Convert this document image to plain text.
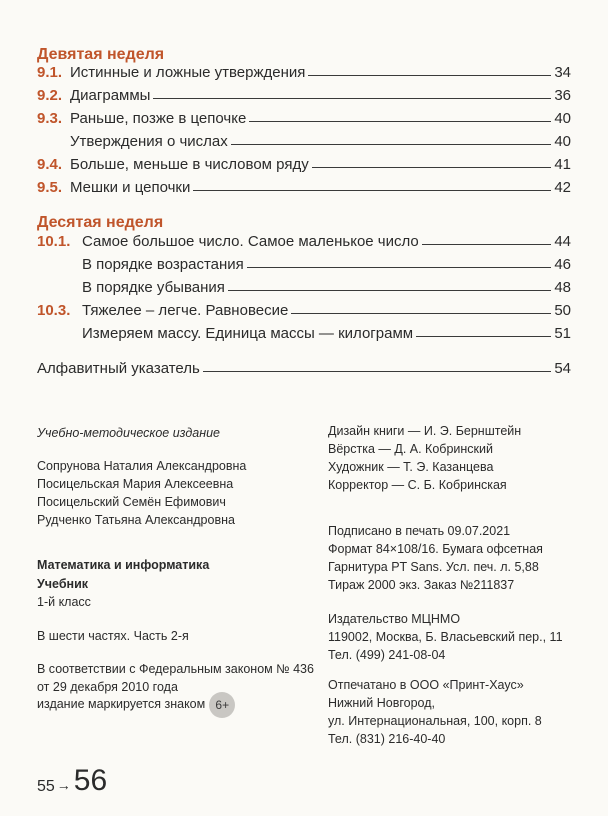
Девятая неделя
9.1. Истинные и ложные утверждения	34
9.2. Диаграммы	36
9.3. Раньше, позже в цепочке	40
Утверждения о числах	40
9.4. Больше, меньше в числовом ряду	41
9.5. Мешки и цепочки	42
Десятая неделя
10.1. Самое большое число. Самое маленькое число	44
В порядке возрастания	46
В порядке убывания	48
10.3. Тяжелее – легче. Равновесие	50
Измеряем массу. Единица массы — килограмм	51
Алфавитный указатель	54
Учебно-методическое издание
Сопрунова Наталия Александровна
Посицельская Мария Алексеевна
Посицельский Семён Ефимович
Рудченко Татьяна Александровна
Математика и информатика
Учебник
1-й класс
В шести частях. Часть 2-я
В соответствии с Федеральным законом № 436
от 29 декабря 2010 года
издание маркируется знаком 6+
Дизайн книги — И. Э. Бернштейн
Вёрстка — Д. А. Кобринский
Художник — Т. Э. Казанцева
Корректор — С. Б. Кобринская
Подписано в печать 09.07.2021
Формат 84×108/16. Бумага офсетная
Гарнитура PT Sans. Усл. печ. л. 5,88
Тираж 2000 экз. Заказ №211837
Издательство МЦНМО
119002, Москва, Б. Власьевский пер., 11
Тел. (499) 241-08-04
Отпечатано в ООО «Принт-Хаус»
Нижний Новгород,
ул. Интернациональная, 100, корп. 8
Тел. (831) 216-40-40
55 → 56
